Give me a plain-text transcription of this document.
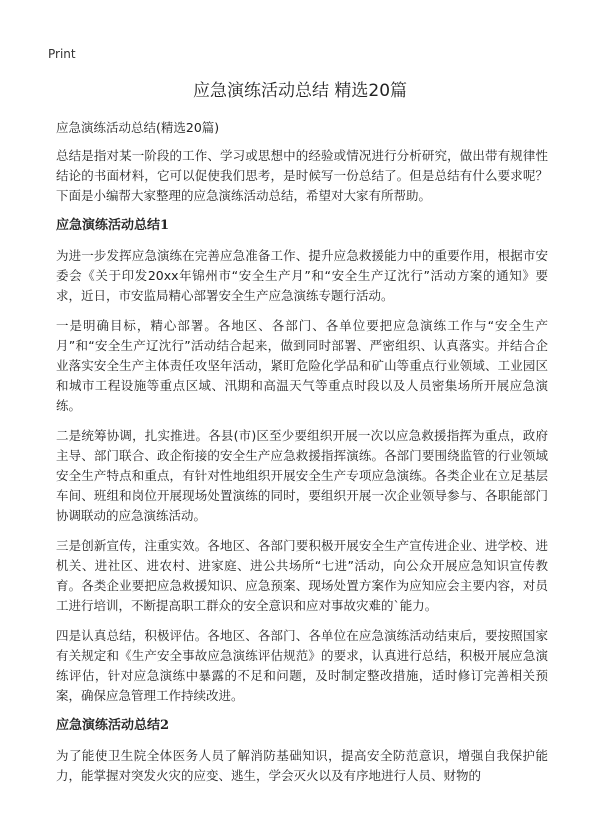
Print
应急演练活动总结 精选20篇

应急演练活动总结(精选20篇)

总结是指对某一阶段的工作、学习或思想中的经验或情况进行分析研究，做出带有规律性结论的书面材料，它可以促使我们思考，是时候写一份总结了。但是总结有什么要求呢？下面是小编帮大家整理的应急演练活动总结，希望对大家有所帮助。

应急演练活动总结1

为进一步发挥应急演练在完善应急准备工作、提升应急救援能力中的重要作用，根据市安委会《关于印发20xx年锦州市“安全生产月”和“安全生产辽沈行”活动方案的通知》要求，近日，市安监局精心部署安全生产应急演练专题行活动。

一是明确目标，精心部署。各地区、各部门、各单位要把应急演练工作与“安全生产月”和“安全生产辽沈行”活动结合起来，做到同时部署、严密组织、认真落实。并结合企业落实安全生产主体责任攻坚年活动，紧盯危险化学品和矿山等重点行业领域、工业园区和城市工程设施等重点区域、汛期和高温天气等重点时段以及人员密集场所开展应急演练。

二是统筹协调，扎实推进。各县(市)区至少要组织开展一次以应急救援指挥为重点，政府主导、部门联合、政企衔接的安全生产应急救援指挥演练。各部门要围绕监管的行业领域安全生产特点和重点，有针对性地组织开展安全生产专项应急演练。各类企业在立足基层车间、班组和岗位开展现场处置演练的同时，要组织开展一次企业领导参与、各职能部门协调联动的应急演练活动。

三是创新宣传，注重实效。各地区、各部门要积极开展安全生产宣传进企业、进学校、进机关、进社区、进农村、进家庭、进公共场所“七进”活动，向公众开展应急知识宣传教育。各类企业要把应急救援知识、应急预案、现场处置方案作为应知应会主要内容，对员工进行培训，不断提高职工群众的安全意识和应对事故灾难的`能力。

四是认真总结，积极评估。各地区、各部门、各单位在应急演练活动结束后，要按照国家有关规定和《生产安全事故应急演练评估规范》的要求，认真进行总结，积极开展应急演练评估，针对应急演练中暴露的不足和问题，及时制定整改措施，适时修订完善相关预案，确保应急管理工作持续改进。

应急演练活动总结2

为了能使卫生院全体医务人员了解消防基础知识，提高安全防范意识，增强自我保护能力，能掌握对突发火灾的应变、逃生，学会灭火以及有序地进行人员、财物的
